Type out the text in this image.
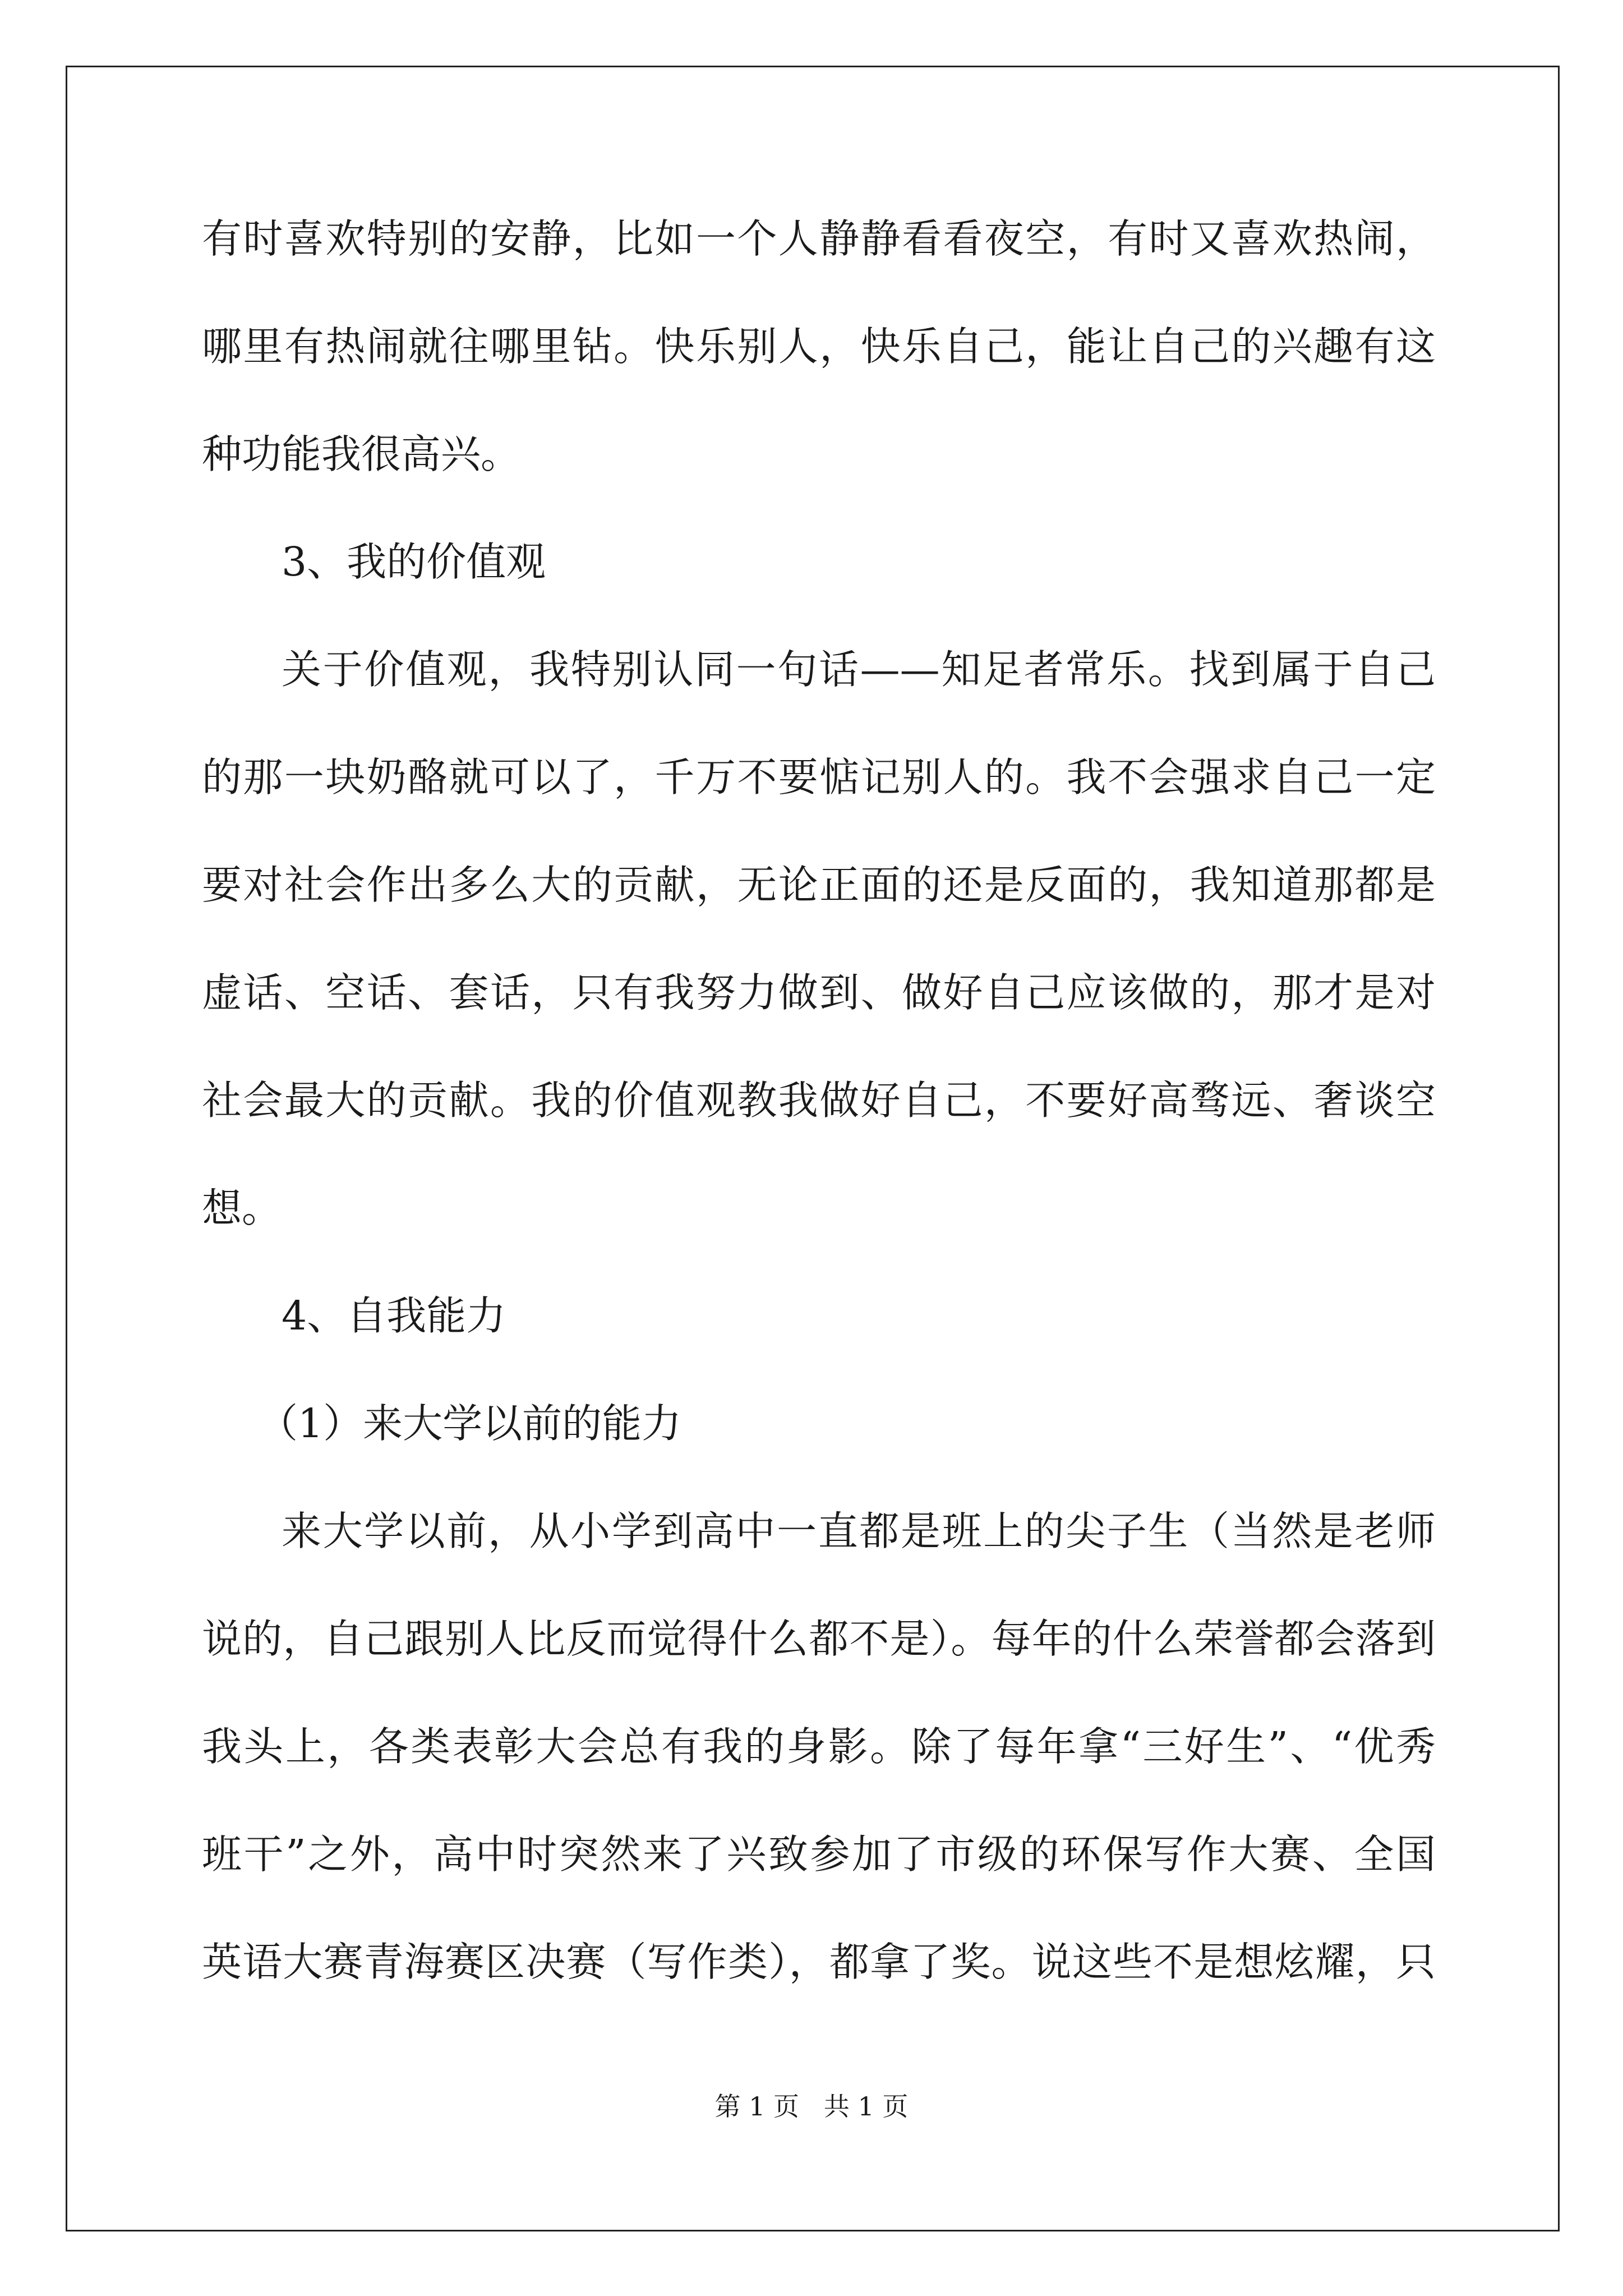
有时喜欢特别的安静，比如一个人静静看看夜空，有时又喜欢热闹，
哪里有热闹就往哪里钻。快乐别人，快乐自己，能让自己的兴趣有这
种功能我很高兴。
3、我的价值观
关于价值观，我特别认同一句话——知足者常乐。找到属于自己
的那一块奶酪就可以了，千万不要惦记别人的。我不会强求自己一定
要对社会作出多么大的贡献，无论正面的还是反面的，我知道那都是
虚话、空话、套话，只有我努力做到、做好自己应该做的，那才是对
社会最大的贡献。我的价值观教我做好自己，不要好高骛远、奢谈空
想。
4、自我能力
（1）来大学以前的能力
来大学以前，从小学到高中一直都是班上的尖子生（当然是老师
说的，自己跟别人比反而觉得什么都不是）。每年的什么荣誉都会落到
我头上，各类表彰大会总有我的身影。除了每年拿“三好生”、“优秀
班干”之外，高中时突然来了兴致参加了市级的环保写作大赛、全国
英语大赛青海赛区决赛（写作类），都拿了奖。说这些不是想炫耀，只
第 1 页   共 1 页
